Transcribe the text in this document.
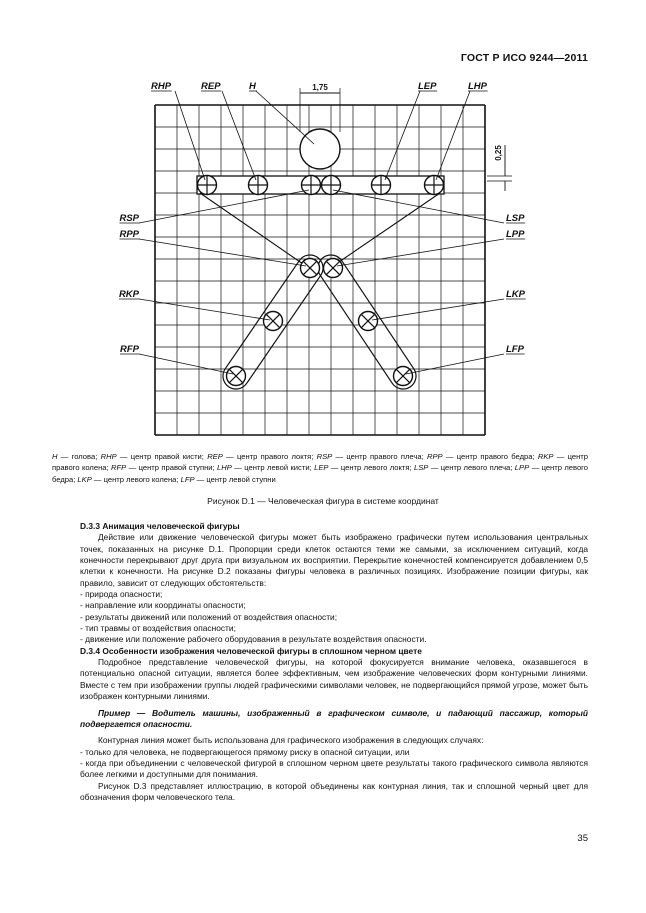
ГОСТ Р ИСО 9244—2011
RHP	REP	H	LEP	LHP
RSP
RPP
LSP
LPP
RKP	LKP
RFP	LFP
1,75
0,25
H — голова; RHP — центр правой кисти; REP — центр правого локтя; RSP — центр правого плеча; RPP — центр правого бедра; RKP — центр правого колена; RFP — центр правой ступни; LHP — центр левой кисти; LEP — центр левого локтя; LSP — центр левого плеча; LPP — центр левого бедра; LKP — центр левого колена; LFP — центр левой ступни
Рисунок D.1 — Человеческая фигура в системе координат

D.3.3 Анимация человеческой фигуры

Действие или движение человеческой фигуры может быть изображено графически путем использования центральных точек, показанных на рисунке D.1. Пропорции среди клеток остаются теми же самыми, за исключением ситуаций, когда конечности перекрывают друг друга при визуальном их восприятии. Перекрытие конечностей компенсируется добавлением 0,5 клетки к конечности. На рисунке D.2 показаны фигуры человека в различных позициях. Изображение позиции фигуры, как правило, зависит от следующих обстоятельств:

- природа опасности;

- направление или координаты опасности;

- результаты движений или положений от воздействия опасности;

- тип травмы от воздействия опасности;

- движение или положение рабочего оборудования в результате воздействия опасности.

D.3.4 Особенности изображения человеческой фигуры в сплошном черном цвете

Подробное представление человеческой фигуры, на которой фокусируется внимание человека, оказавшегося в потенциально опасной ситуации, является более эффективным, чем изображение человеческих форм контурными линиями. Вместе с тем при изображении группы людей графическими символами человек, не подвергающийся прямой угрозе, может быть изображен контурными линиями.

Пример — Водитель машины, изображенный в графическом символе, и падающий пассажир, который подвергается опасности.

Контурная линия может быть использована для графического изображения в следующих случаях:

- только для человека, не подвергающегося прямому риску в опасной ситуации, или

- когда при объединении с человеческой фигурой в сплошном черном цвете результаты такого графического символа являются более легкими и доступными для понимания.

Рисунок D.3 представляет иллюстрацию, в которой объединены как контурная линия, так и сплошной черный цвет для обозначения форм человеческого тела.

35
